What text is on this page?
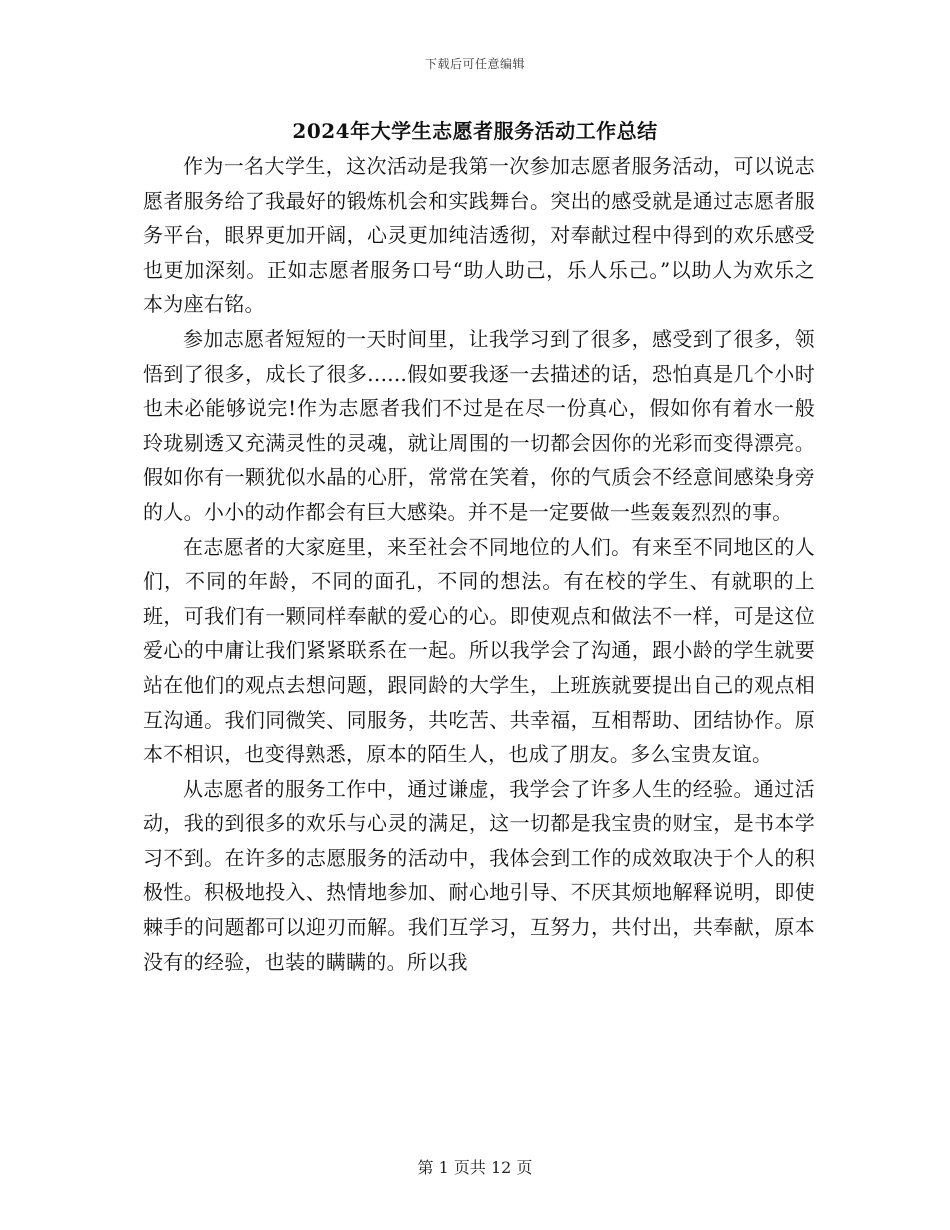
下载后可任意编辑
2024年大学生志愿者服务活动工作总结

作为一名大学生，这次活动是我第一次参加志愿者服务活动，可以说志愿者服务给了我最好的锻炼机会和实践舞台。突出的感受就是通过志愿者服务平台，眼界更加开阔，心灵更加纯洁透彻，对奉献过程中得到的欢乐感受也更加深刻。正如志愿者服务口号“助人助己，乐人乐己。”以助人为欢乐之本为座右铭。

参加志愿者短短的一天时间里，让我学习到了很多，感受到了很多，领悟到了很多，成长了很多......假如要我逐一去描述的话，恐怕真是几个小时也未必能够说完!作为志愿者我们不过是在尽一份真心，假如你有着水一般玲珑剔透又充满灵性的灵魂，就让周围的一切都会因你的光彩而变得漂亮。假如你有一颗犹似水晶的心肝，常常在笑着，你的气质会不经意间感染身旁的人。小小的动作都会有巨大感染。并不是一定要做一些轰轰烈烈的事。

在志愿者的大家庭里，来至社会不同地位的人们。有来至不同地区的人们，不同的年龄，不同的面孔，不同的想法。有在校的学生、有就职的上班，可我们有一颗同样奉献的爱心的心。即使观点和做法不一样，可是这位爱心的中庸让我们紧紧联系在一起。所以我学会了沟通，跟小龄的学生就要站在他们的观点去想问题，跟同龄的大学生，上班族就要提出自己的观点相互沟通。我们同微笑、同服务，共吃苦、共幸福，互相帮助、团结协作。原本不相识，也变得熟悉，原本的陌生人，也成了朋友。多么宝贵友谊。

从志愿者的服务工作中，通过谦虚，我学会了许多人生的经验。通过活动，我的到很多的欢乐与心灵的满足，这一切都是我宝贵的财宝，是书本学习不到。在许多的志愿服务的活动中，我体会到工作的成效取决于个人的积极性。积极地投入、热情地参加、耐心地引导、不厌其烦地解释说明，即使棘手的问题都可以迎刃而解。我们互学习，互努力，共付出，共奉献，原本没有的经验，也装的瞒瞒的。所以我

第 1 页共 12 页
